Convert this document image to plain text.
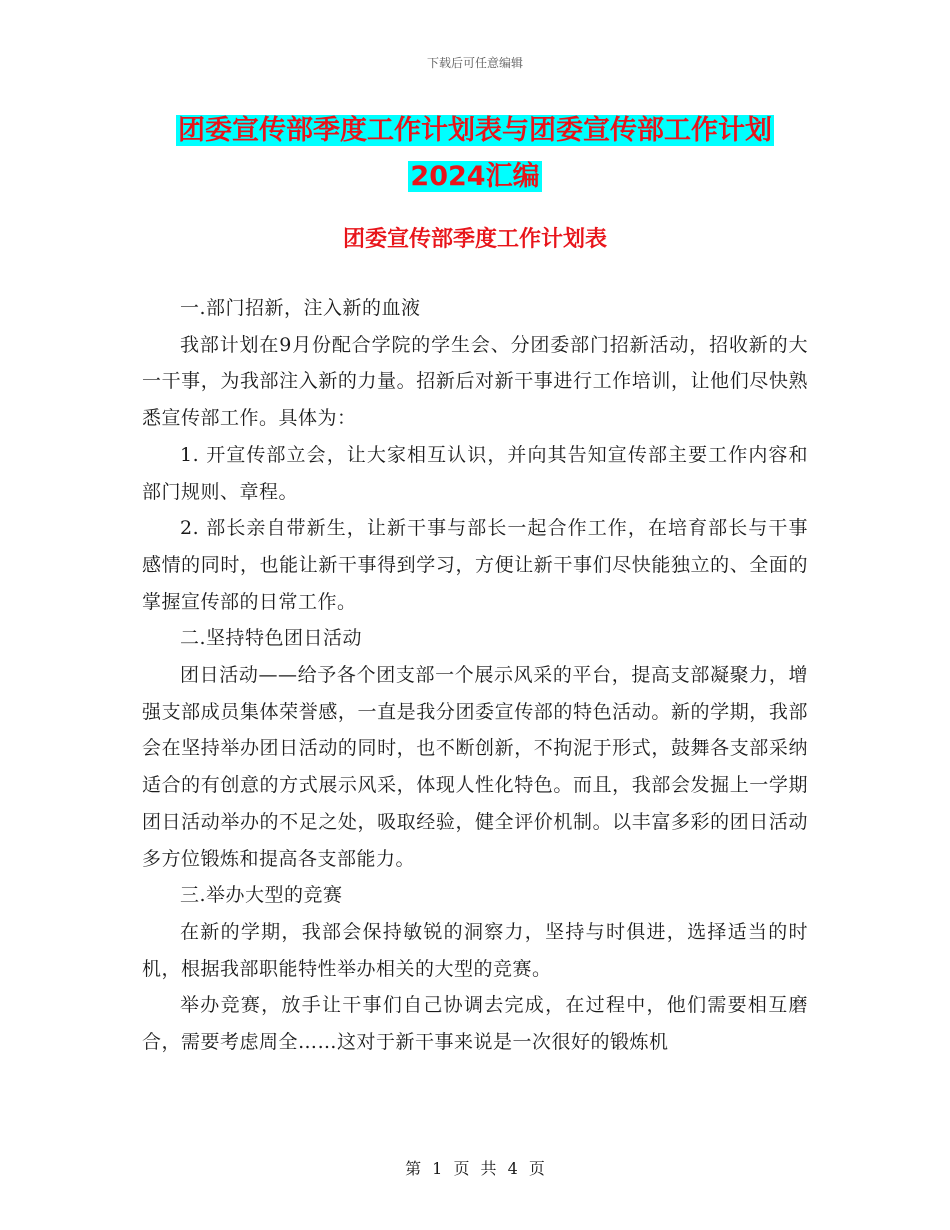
下载后可任意编辑
团委宣传部季度工作计划表与团委宣传部工作计划
2024汇编
团委宣传部季度工作计划表

一.部门招新，注入新的血液

我部计划在9月份配合学院的学生会、分团委部门招新活动，招收新的大一干事，为我部注入新的力量。招新后对新干事进行工作培训，让他们尽快熟悉宣传部工作。具体为：

1. 开宣传部立会，让大家相互认识，并向其告知宣传部主要工作内容和部门规则、章程。

2. 部长亲自带新生，让新干事与部长一起合作工作，在培育部长与干事感情的同时，也能让新干事得到学习，方便让新干事们尽快能独立的、全面的掌握宣传部的日常工作。

二.坚持特色团日活动

团日活动——给予各个团支部一个展示风采的平台，提高支部凝聚力，增强支部成员集体荣誉感，一直是我分团委宣传部的特色活动。新的学期，我部会在坚持举办团日活动的同时，也不断创新，不拘泥于形式，鼓舞各支部采纳适合的有创意的方式展示风采，体现人性化特色。而且，我部会发掘上一学期团日活动举办的不足之处，吸取经验，健全评价机制。以丰富多彩的团日活动多方位锻炼和提高各支部能力。

三.举办大型的竞赛

在新的学期，我部会保持敏锐的洞察力，坚持与时俱进，选择适当的时机，根据我部职能特性举办相关的大型的竞赛。

举办竞赛，放手让干事们自己协调去完成，在过程中，他们需要相互磨合，需要考虑周全……这对于新干事来说是一次很好的锻炼机

第 1 页 共 4 页
